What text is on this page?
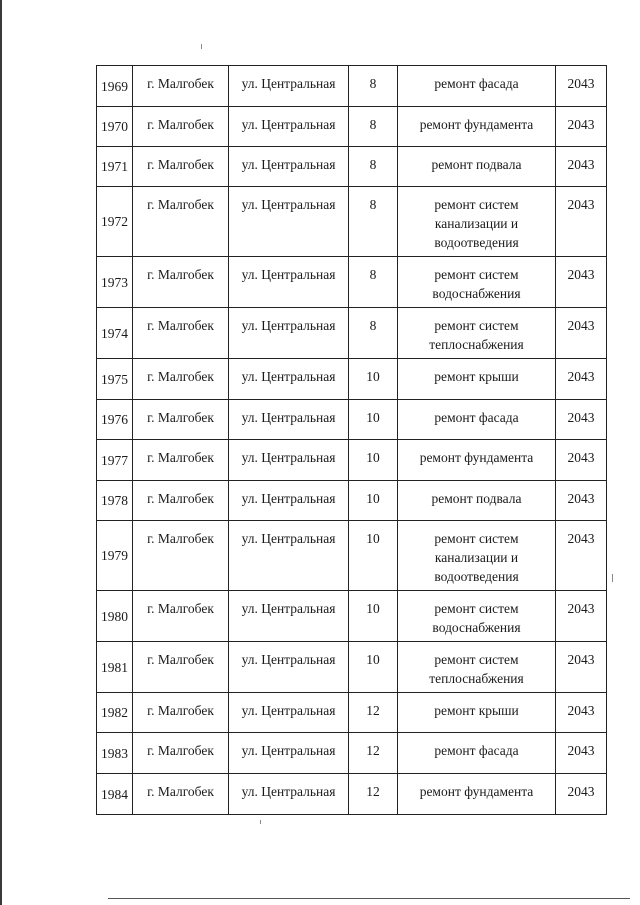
1969	г. Малгобек	ул. Центральная	8	ремонт фасада	2043
1970	г. Малгобек	ул. Центральная	8	ремонт фундамента	2043
1971	г. Малгобек	ул. Центральная	8	ремонт подвала	2043
1972	г. Малгобек	ул. Центральная	8	ремонт систем канализации и водоотведения	2043
1973	г. Малгобек	ул. Центральная	8	ремонт систем водоснабжения	2043
1974	г. Малгобек	ул. Центральная	8	ремонт систем теплоснабжения	2043
1975	г. Малгобек	ул. Центральная	10	ремонт крыши	2043
1976	г. Малгобек	ул. Центральная	10	ремонт фасада	2043
1977	г. Малгобек	ул. Центральная	10	ремонт фундамента	2043
1978	г. Малгобек	ул. Центральная	10	ремонт подвала	2043
1979	г. Малгобек	ул. Центральная	10	ремонт систем канализации и водоотведения	2043
1980	г. Малгобек	ул. Центральная	10	ремонт систем водоснабжения	2043
1981	г. Малгобек	ул. Центральная	10	ремонт систем теплоснабжения	2043
1982	г. Малгобек	ул. Центральная	12	ремонт крыши	2043
1983	г. Малгобек	ул. Центральная	12	ремонт фасада	2043
1984	г. Малгобек	ул. Центральная	12	ремонт фундамента	2043
